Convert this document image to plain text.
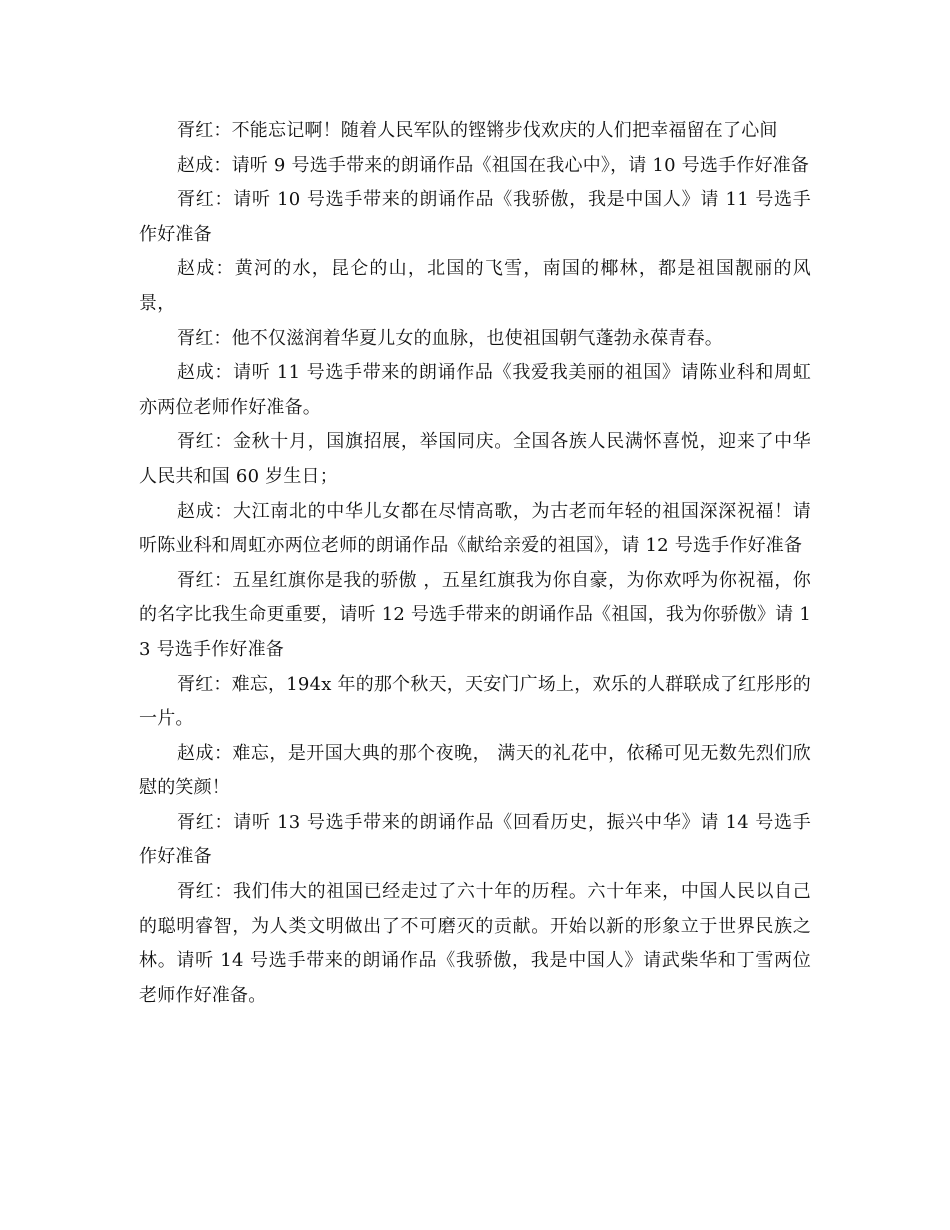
胥红：不能忘记啊！随着人民军队的铿锵步伐欢庆的人们把幸福留在了心间

赵成：请听 9 号选手带来的朗诵作品《祖国在我心中》，请 10 号选手作好准备

胥红：请听 10 号选手带来的朗诵作品《我骄傲，我是中国人》请 11 号选手作好准备

赵成：黄河的水，昆仑的山，北国的飞雪，南国的椰林，都是祖国靓丽的风景，

胥红：他不仅滋润着华夏儿女的血脉，也使祖国朝气蓬勃永葆青春。

赵成：请听 11 号选手带来的朗诵作品《我爱我美丽的祖国》请陈业科和周虹亦两位老师作好准备。

胥红：金秋十月，国旗招展，举国同庆。全国各族人民满怀喜悦，迎来了中华人民共和国 60 岁生日；

赵成：大江南北的中华儿女都在尽情高歌，为古老而年轻的祖国深深祝福！请听陈业科和周虹亦两位老师的朗诵作品《献给亲爱的祖国》，请 12 号选手作好准备

胥红：五星红旗你是我的骄傲 ，五星红旗我为你自豪，为你欢呼为你祝福，你的名字比我生命更重要，请听 12 号选手带来的朗诵作品《祖国，我为你骄傲》请 13 号选手作好准备

胥红：难忘，194x 年的那个秋天，天安门广场上，欢乐的人群联成了红彤彤的一片。

赵成：难忘，是开国大典的那个夜晚， 满天的礼花中，依稀可见无数先烈们欣慰的笑颜！

胥红：请听 13 号选手带来的朗诵作品《回看历史，振兴中华》请 14 号选手作好准备

胥红：我们伟大的祖国已经走过了六十年的历程。六十年来，中国人民以自己的聪明睿智，为人类文明做出了不可磨灭的贡献。开始以新的形象立于世界民族之林。请听 14 号选手带来的朗诵作品《我骄傲，我是中国人》请武柴华和丁雪两位老师作好准备。
